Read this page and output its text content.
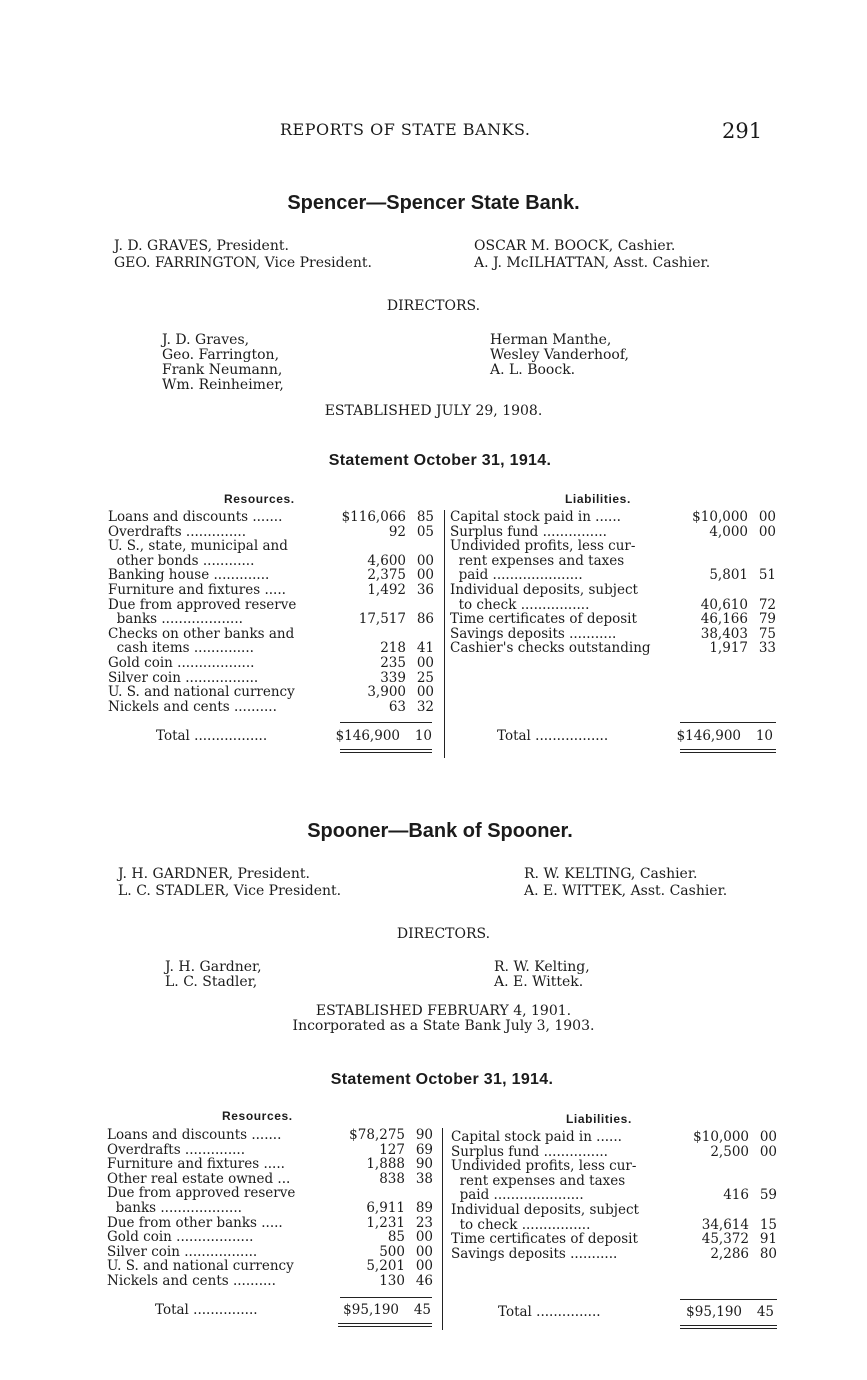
REPORTS OF STATE BANKS.	291
Spencer—Spencer State Bank.
J. D. GRAVES, President.
GEO. FARRINGTON, Vice President.
OSCAR M. BOOCK, Cashier.
A. J. McILHATTAN, Asst. Cashier.
DIRECTORS.
J. D. Graves,
Geo. Farrington,
Frank Neumann,
Wm. Reinheimer,
Herman Manthe,
Wesley Vanderhoof,
A. L. Boock.
ESTABLISHED JULY 29, 1908.
Statement October 31, 1914.
Resources.	Liabilities.
Loans and discounts .......	$116,066 85
Overdrafts ..............	92 05
U. S., state, municipal and
other bonds ............	4,600 00
Banking house .............	2,375 00
Furniture and fixtures .....	1,492 36
Due from approved reserve
banks ...................	17,517 86
Checks on other banks and
cash items ..............	218 41
Gold coin ..................	235 00
Silver coin .................	339 25
U. S. and national currency	3,900 00
Nickels and cents ..........	63 32
Capital stock paid in ......	$10,000 00
Surplus fund ...............	4,000 00
Undivided profits, less cur-
rent expenses and taxes
paid .....................	5,801 51
Individual deposits, subject
to check ................	40,610 72
Time certificates of deposit	46,166 79
Savings deposits ...........	38,403 75
Cashier's checks outstanding	1,917 33
Total .................	$146,900	10	Total .................	$146,900	10
Spooner—Bank of Spooner.
J. H. GARDNER, President.
L. C. STADLER, Vice President.
R. W. KELTING, Cashier.
A. E. WITTEK, Asst. Cashier.
DIRECTORS.
J. H. Gardner,
L. C. Stadler,
R. W. Kelting,
A. E. Wittek.
ESTABLISHED FEBRUARY 4, 1901.
Incorporated as a State Bank July 3, 1903.
Statement October 31, 1914.
Resources.	Liabilities.
Loans and discounts .......	$78,275 90
Overdrafts ..............	127 69
Furniture and fixtures .....	1,888 90
Other real estate owned ...	838 38
Due from approved reserve
banks ...................	6,911 89
Due from other banks .....	1,231 23
Gold coin ..................	85 00
Silver coin .................	500 00
U. S. and national currency	5,201 00
Nickels and cents ..........	130 46
Capital stock paid in ......	$10,000 00
Surplus fund ...............	2,500 00
Undivided profits, less cur-
rent expenses and taxes
paid .....................	416 59
Individual deposits, subject
to check ................	34,614 15
Time certificates of deposit	45,372 91
Savings deposits ...........	2,286 80
Total ...............	$95,190	45	Total ...............	$95,190	45
